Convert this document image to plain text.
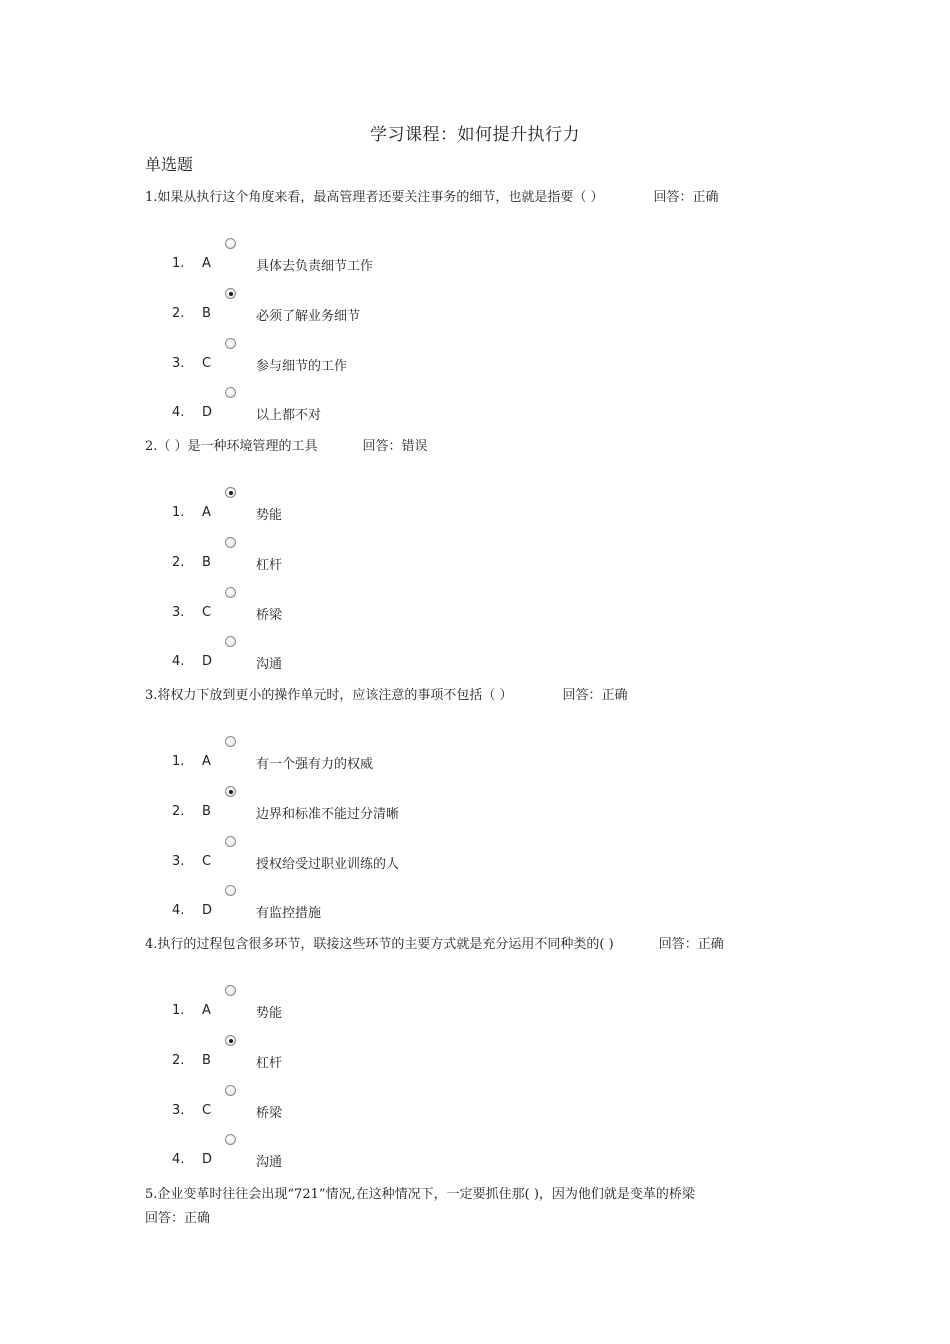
学习课程：如何提升执行力
单选题
1.如果从执行这个角度来看，最高管理者还要关注事务的细节，也就是指要（ ）	回答：正确
1. A	具体去负责细节工作
2. B	必须了解业务细节
3. C	参与细节的工作
4. D	以上都不对
2.（ ）是一种环境管理的工具	回答：错误
1. A	势能
2. B	杠杆
3. C	桥梁
4. D	沟通
3.将权力下放到更小的操作单元时，应该注意的事项不包括（ ）	回答：正确
1. A	有一个强有力的权威
2. B	边界和标准不能过分清晰
3. C	授权给受过职业训练的人
4. D	有监控措施
4.执行的过程包含很多环节，联接这些环节的主要方式就是充分运用不同种类的( )	回答：正确
1. A	势能
2. B	杠杆
3. C	桥梁
4. D	沟通
5.企业变革时往往会出现“721”情况,在这种情况下，一定要抓住那( )，因为他们就是变革的桥梁
回答：正确
